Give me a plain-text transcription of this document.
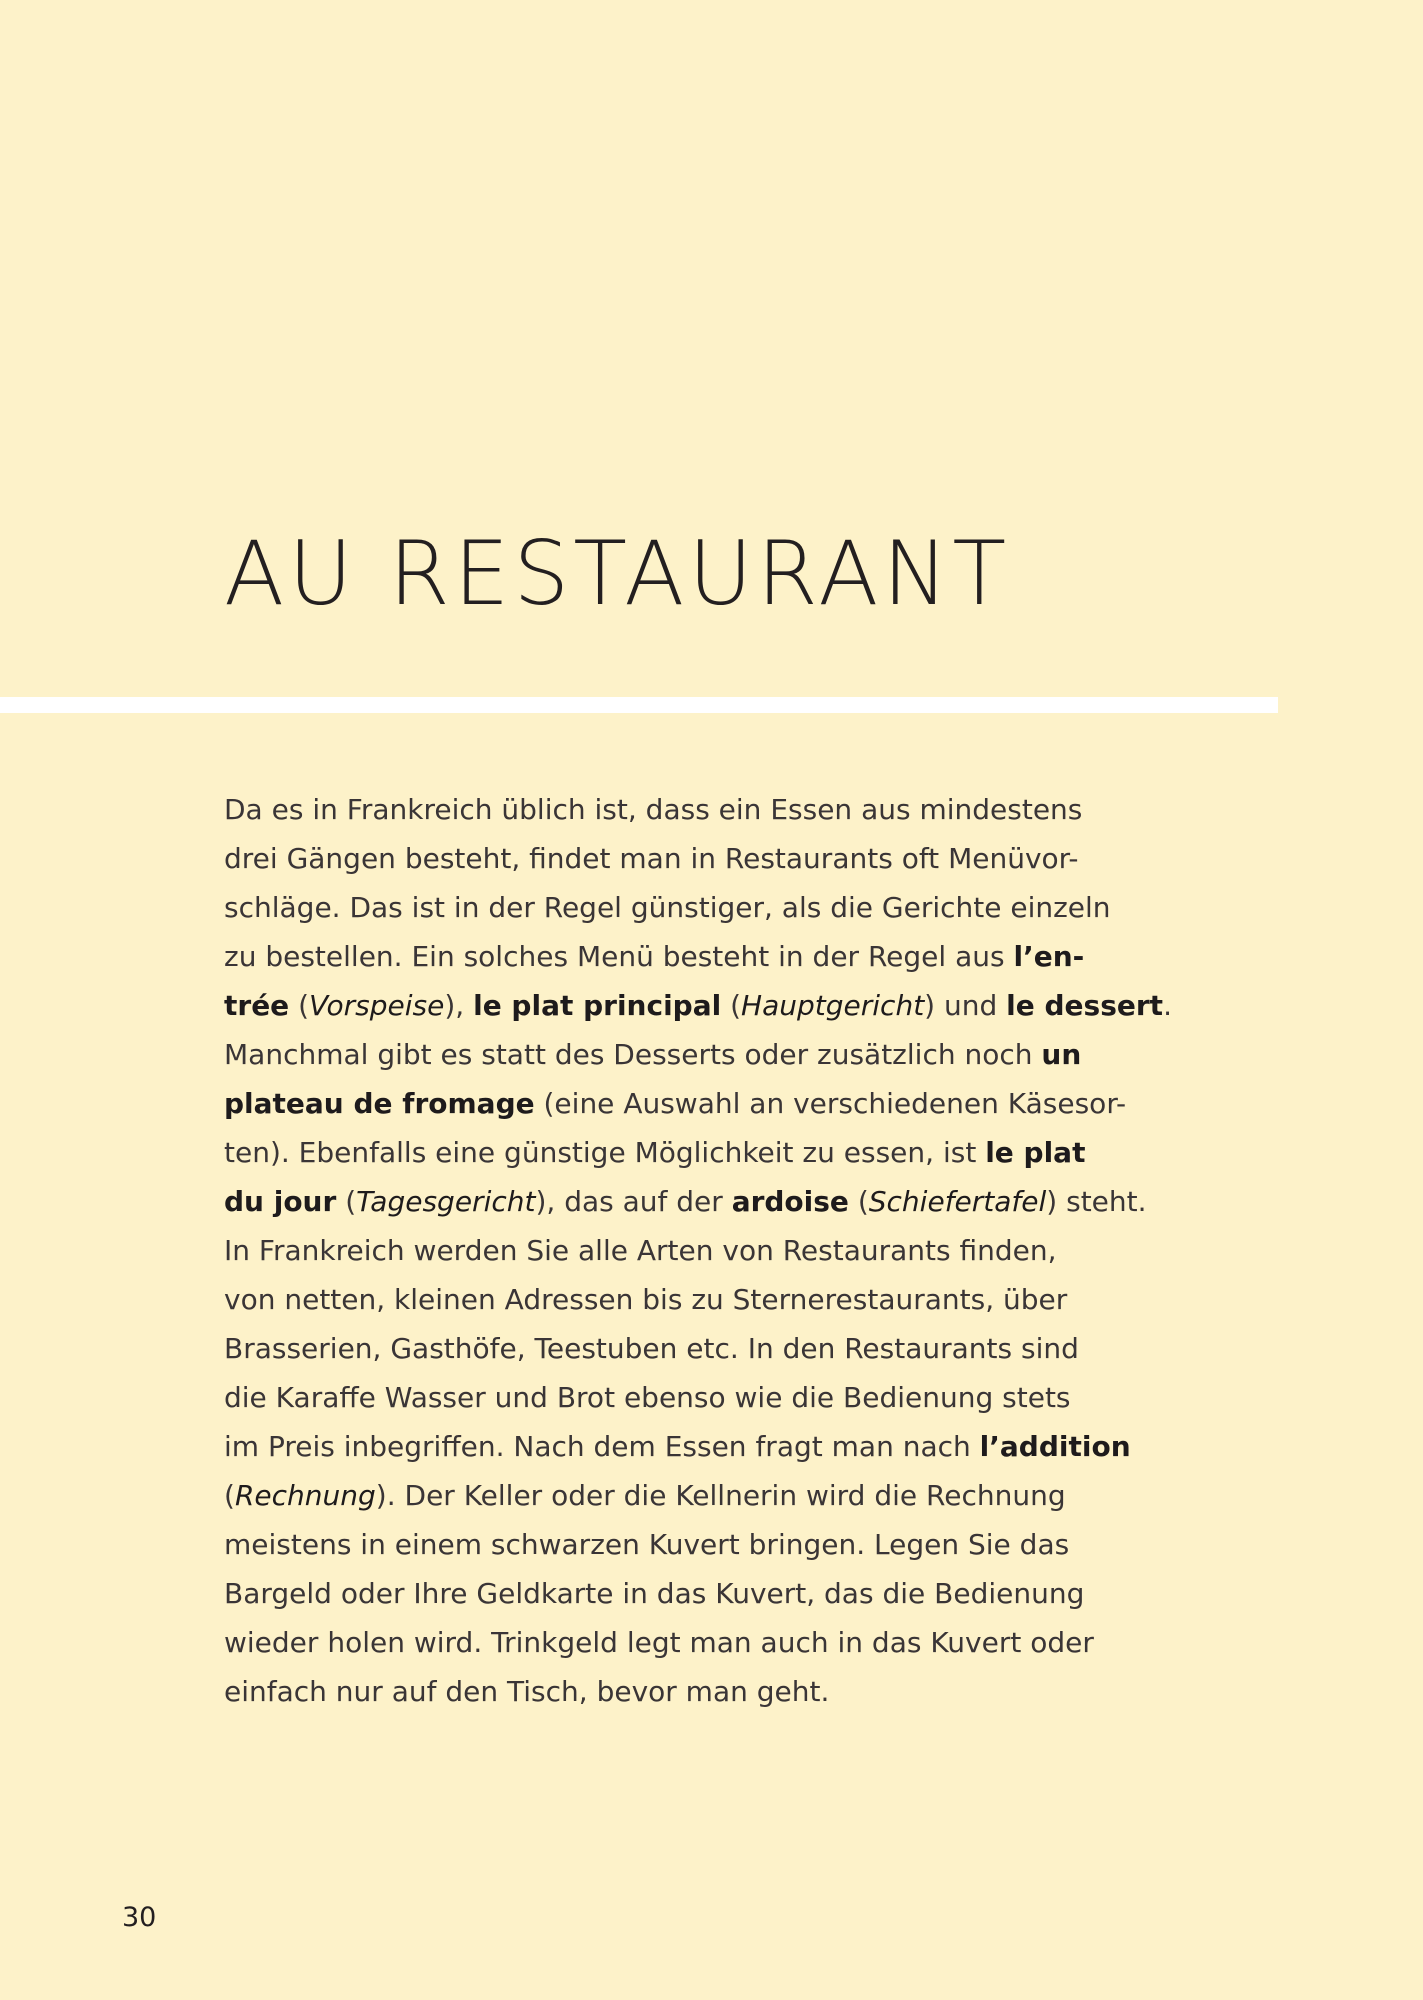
AU RESTAURANT
Da es in Frankreich üblich ist, dass ein Essen aus mindestens
drei Gängen besteht, findet man in Restaurants oft Menüvor-
schläge. Das ist in der Regel günstiger, als die Gerichte einzeln
zu bestellen. Ein solches Menü besteht in der Regel aus l’en-
trée (Vorspeise), le plat principal (Hauptgericht) und le dessert.
Manchmal gibt es statt des Desserts oder zusätzlich noch un
plateau de fromage (eine Auswahl an verschiedenen Käsesor-
ten). Ebenfalls eine günstige Möglichkeit zu essen, ist le plat
du jour (Tagesgericht), das auf der ardoise (Schiefertafel) steht.
In Frankreich werden Sie alle Arten von Restaurants finden,
von netten, kleinen Adressen bis zu Sternerestaurants, über
Brasserien, Gasthöfe, Teestuben etc. In den Restaurants sind
die Karaffe Wasser und Brot ebenso wie die Bedienung stets
im Preis inbegriffen. Nach dem Essen fragt man nach l’addition
(Rechnung). Der Keller oder die Kellnerin wird die Rechnung
meistens in einem schwarzen Kuvert bringen. Legen Sie das
Bargeld oder Ihre Geldkarte in das Kuvert, das die Bedienung
wieder holen wird. Trinkgeld legt man auch in das Kuvert oder
einfach nur auf den Tisch, bevor man geht.
30
